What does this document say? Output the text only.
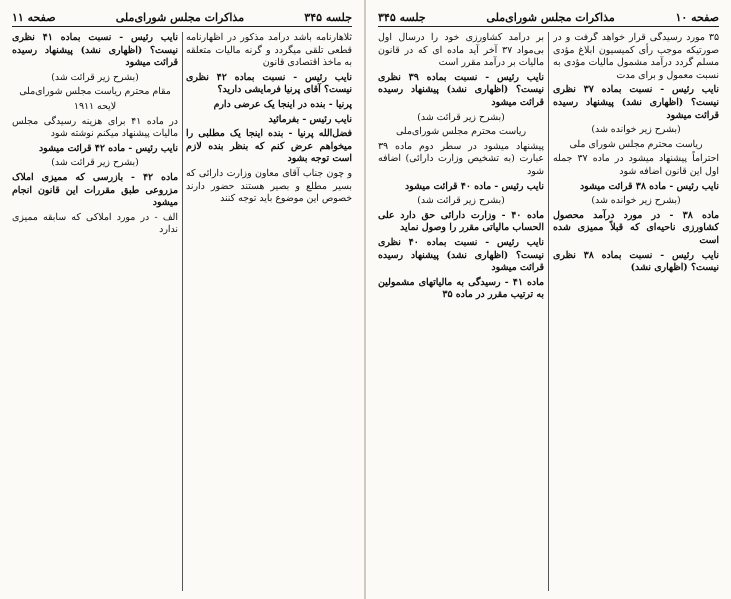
جلسه ۳۴۵
مذاکرات مجلس شورای‌ملی
صفحه ۱۱

ثلاهارنامه باشد درآمد مذکور در اظهارنامه قطعی تلقی میگردد و گرنه مالیات متعلقه به ماخذ اقتصادی قانون

نایب رئیس - نسبت بماده ۴۲ نظری نیست؟ آقای پرنیا فرمایشی دارید؟

پرنیا - بنده در اینجا یک عرضی دارم

نایب رئیس - بفرمائید

فضل‌الله پرنیا - بنده اینجا یک مطلبی را میخواهم عرض کنم که بنظر بنده لازم است توجه بشود

و چون جناب آقای معاون وزارت دارائی که بسیر مطلع و بصیر هستند حضور دارند خصوص این موضوع باید توجه کنند

نایب رئیس - نسبت بماده ۴۱ نظری نیست؟ (اظهاری نشد) پیشنهاد رسیده قرائت میشود

(بشرح زیر قرائت شد)

مقام محترم ریاست مجلس شورای‌ملی

لایحه ۱۹۱۱

در ماده ۴۱ برای هزینه رسیدگی مجلس مالیات پیشنهاد میکنم نوشته شود

نایب رئیس - ماده ۴۲ قرائت میشود

(بشرح زیر قرائت شد)

ماده ۴۲ - بازرسی که ممیزی املاک مزروعی طبق مقررات این قانون انجام میشود

الف - در مورد املاکی که سابقه ممیزی ندارد

صفحه ۱۰
مذاکرات مجلس شورای‌ملی
جلسه ۳۴۵

۳۵ مورد رسیدگی قرار خواهد گرفت و در صورتیکه موجب رأی کمیسیون ابلاغ مؤدی مسلم گردد درآمد مشمول مالیات مؤدی به نسبت معمول و برای مدت

نایب رئیس - نسبت بماده ۳۷ نظری نیست؟ (اظهاری نشد) پیشنهاد رسیده قرائت میشود

(بشرح زیر خوانده شد)

ریاست محترم مجلس شورای ملی

احتراماً پیشنهاد میشود در ماده ۳۷ جمله اول این قانون اضافه شود

نایب رئیس - ماده ۳۸ قرائت میشود

(بشرح زیر خوانده شد)

ماده ۳۸ - در مورد درآمد محصول کشاورزی ناحیه‌ای که قبلاً ممیزی شده است

نایب رئیس - نسبت بماده ۳۸ نظری نیست؟ (اظهاری نشد)

بر درآمد کشاورزی خود را درسال اول بی‌مواد ۳۷ آخر آید ماده ای که در قانون مالیات بر درآمد مقرر است

نایب رئیس - نسبت بماده ۳۹ نظری نیست؟ (اظهاری نشد) پیشنهاد رسیده قرائت میشود

(بشرح زیر قرائت شد)

ریاست محترم مجلس شورای‌ملی

پیشنهاد میشود در سطر دوم ماده ۳۹ عبارت (به تشخیص وزارت دارائی) اضافه شود

نایب رئیس - ماده ۴۰ قرائت میشود

(بشرح زیر قرائت شد)

ماده ۴۰ - وزارت دارائی حق دارد علی الحساب مالیاتی مقرر را وصول نماید

نایب رئیس - نسبت بماده ۴۰ نظری نیست؟ (اظهاری نشد) پیشنهاد رسیده قرائت میشود

ماده ۴۱ - رسیدگی به مالیاتهای مشمولین به ترتیب مقرر در ماده ۳۵
